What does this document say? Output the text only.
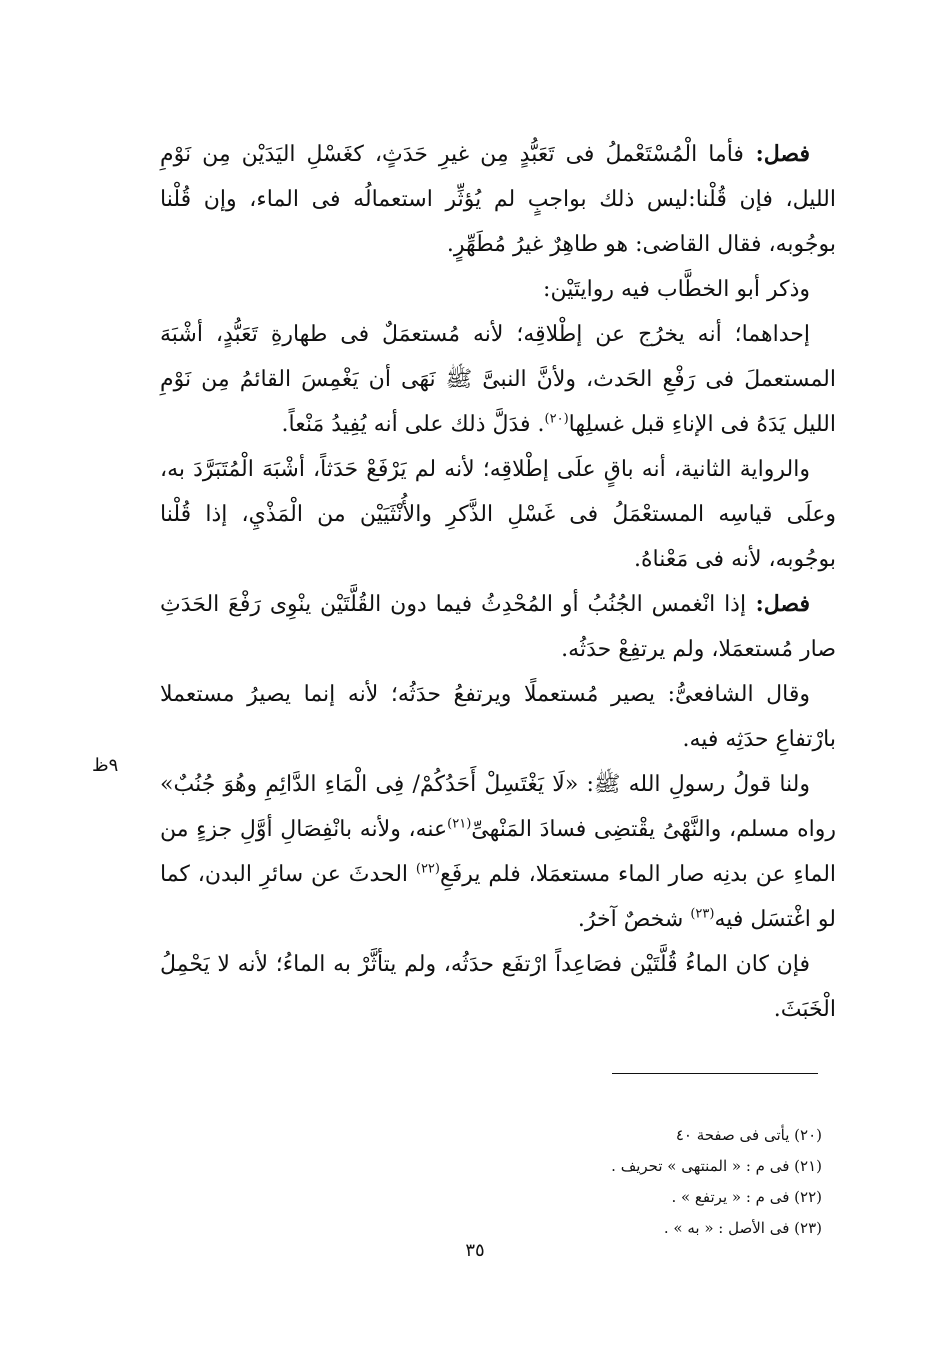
فصل: فأما الْمُسْتَعْملُ فى تَعَبُّدٍ مِن غيرِ حَدَثٍ، كغَسْلِ اليَدَيْن مِن نَوْمِ الليل، فإن قُلْنا:ليس ذلك بواجبٍ لم يُؤثِّر استعمالُه فى الماء، وإن قُلْنا بوجُوبه، فقال القاضى: هو طاهِرٌ غيرُ مُطَهِّرٍ.

وذكر أبو الخطَّاب فيه روايتَيْن:

إحداهما؛ أنه يخرُج عن إطْلاقِه؛ لأنه مُستعمَلٌ فى طهارةِ تَعَبُّدٍ، أشْبَهَ المستعملَ فى رَفْعِ الحَدث، ولأنَّ النبىَّ ﷺ نَهَى أن يَغْمِسَ القائمُ مِن نَوْمِ الليل يَدَهُ فى الإناءِ قبل غسلِها$^{(٢٠)}$. فدَلَّ ذلك على أنه يُفِيدُ مَنْعاً.

والرواية الثانية، أنه باقٍ علَى إطْلاقِه؛ لأنه لم يَرْفَعْ حَدَثاً، أشْبَهَ الْمُتَبَرَّدَ به، وعلَى قياسِه المستعْمَلُ فى غَسْلِ الذَّكرِ والأُنْثَيَيْن من الْمَذْيِ، إذا قُلْنا بوجُوبه، لأنه فى مَعْناهُ.

فصل: إذا انْغمس الجُنُبُ أو المُحْدِثُ فيما دون القُلَّتَيْن ينْوِى رَفْعَ الحَدَثِ صار مُستعمَلا، ولم يرتفِعْ حدَثُه.

وقال الشافعىُّ: يصير مُستعملًا ويرتفعُ حدَثُه؛ لأنه إنما يصيرُ مستعملا بارْتفاعِ حدَثِه فيه.

ولنا قولُ رسولِ الله ﷺ: «لَا يَغْتَسِلْ أَحَدُكُمْ/ فِى الْمَاءِ الدَّائِمِ وهُوَ جُنُبٌ» رواه مسلم، والنَّهْىُ يقْتضِى فسادَ المَنْهىِّ$^{(٢١)}$عنه، ولأنه بانْفِصَالِ أوَّلِ جزءٍ من الماءِ عن بدنِه صار الماء مستعمَلا، فلم يرفَعِ$^{(٢٢)}$ الحدثَ عن سائرِ البدن، كما لو اغْتسَل فيه$^{(٢٣)}$ شخصٌ آخرُ.

فإن كان الماءُ قُلَّتَيْن فصَاعِداً ارْتفَع حدَثُه، ولم يتأثَّرْ به الماءُ؛ لأنه لا يَحْمِلُ الْخَبَثَ.

٩ظ
(٢٠) يأتى فى صفحة ٤٠
(٢١) فى م : « المنتهى » تحريف .
(٢٢) فى م : « يرتفع » .
(٢٣) فى الأصل : « به » .
٣٥
